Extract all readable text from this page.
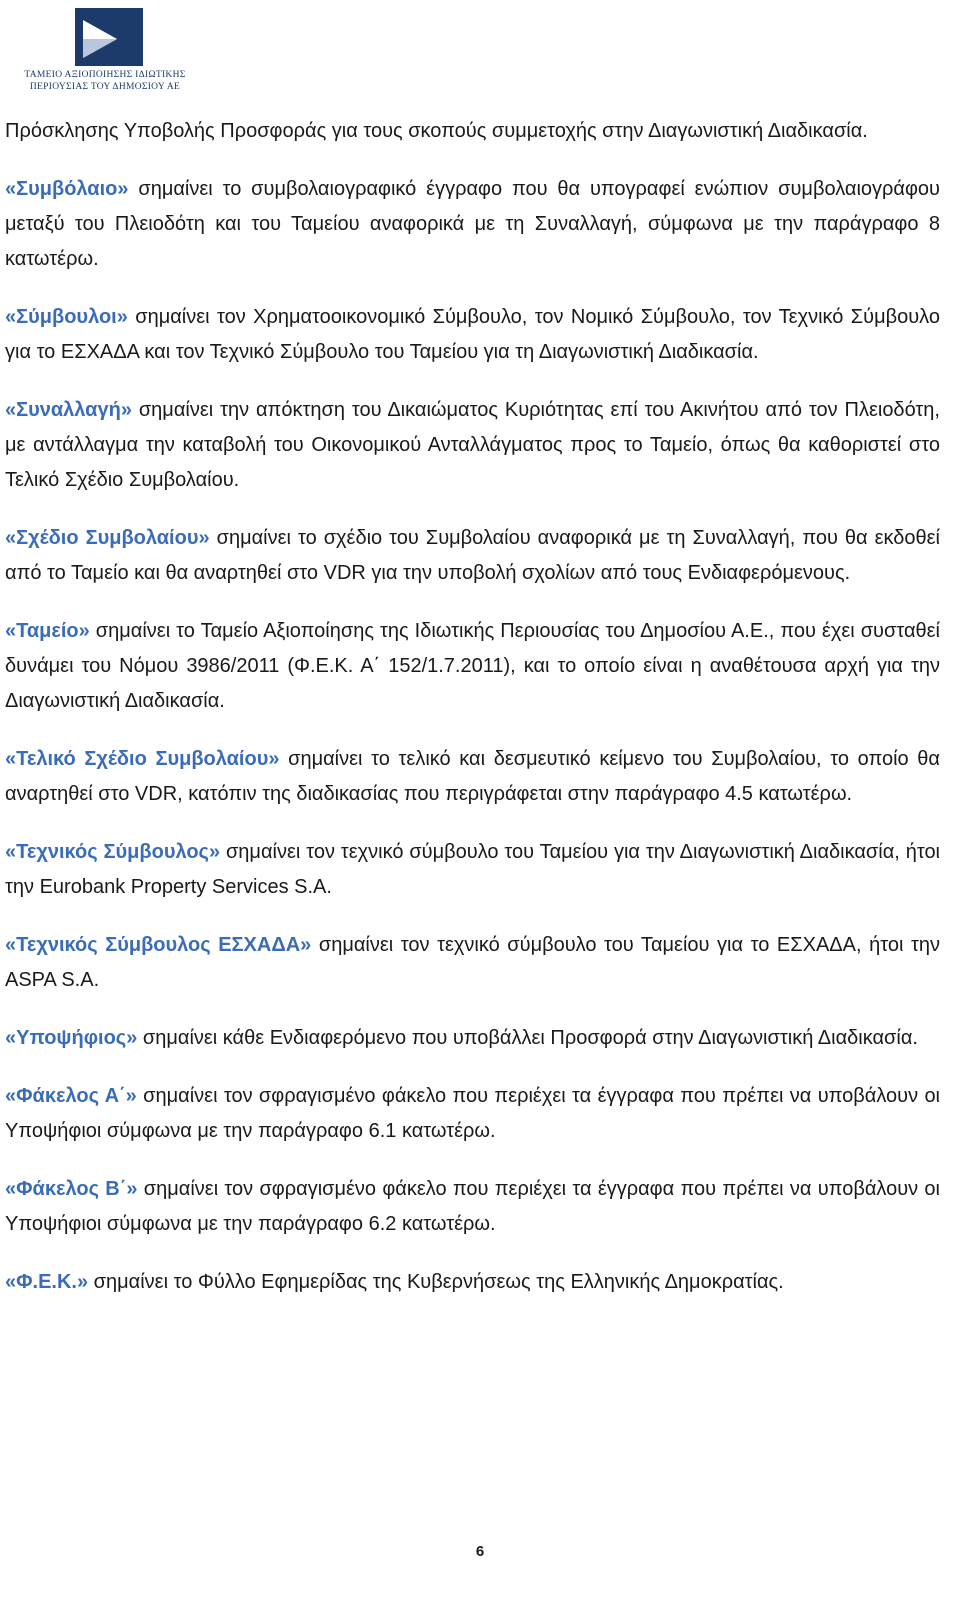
ΤΑΜΕΙΟ ΑΞΙΟΠΟΙΗΣΗΣ ΙΔΙΩΤΙΚΗΣ
ΠΕΡΙΟΥΣΙΑΣ ΤΟΥ ΔΗΜΟΣΙΟΥ ΑΕ

Πρόσκλησης Υποβολής Προσφοράς για τους σκοπούς συμμετοχής στην Διαγωνιστική Διαδικασία.

«Συμβόλαιο» σημαίνει το συμβολαιογραφικό έγγραφο που θα υπογραφεί ενώπιον συμβολαιογράφου μεταξύ του Πλειοδότη και του Ταμείου αναφορικά με τη Συναλλαγή, σύμφωνα με την παράγραφο 8 κατωτέρω.

«Σύμβουλοι» σημαίνει τον Χρηματοοικονομικό Σύμβουλο, τον Νομικό Σύμβουλο, τον Τεχνικό Σύμβουλο για το ΕΣΧΑΔΑ και τον Τεχνικό Σύμβουλο του Ταμείου για τη Διαγωνιστική Διαδικασία.

«Συναλλαγή» σημαίνει την απόκτηση του Δικαιώματος Κυριότητας επί του Ακινήτου από τον Πλειοδότη, με αντάλλαγμα την καταβολή του Οικονομικού Ανταλλάγματος προς το Ταμείο, όπως θα καθοριστεί στο Τελικό Σχέδιο Συμβολαίου.

«Σχέδιο Συμβολαίου» σημαίνει το σχέδιο του Συμβολαίου αναφορικά με τη Συναλλαγή, που θα εκδοθεί από το Ταμείο και θα αναρτηθεί στο VDR για την υποβολή σχολίων από τους Ενδιαφερόμενους.

«Ταμείο» σημαίνει το Ταμείο Αξιοποίησης της Ιδιωτικής Περιουσίας του Δημοσίου Α.Ε., που έχει συσταθεί δυνάμει του Νόμου 3986/2011 (Φ.Ε.Κ. Α΄ 152/1.7.2011), και το οποίο είναι η αναθέτουσα αρχή για την Διαγωνιστική Διαδικασία.

«Τελικό Σχέδιο Συμβολαίου» σημαίνει το τελικό και δεσμευτικό κείμενο του Συμβολαίου, το οποίο θα αναρτηθεί στο VDR, κατόπιν της διαδικασίας που περιγράφεται στην παράγραφο 4.5 κατωτέρω.

«Τεχνικός Σύμβουλος» σημαίνει τον τεχνικό σύμβουλο του Ταμείου για την Διαγωνιστική Διαδικασία, ήτοι την Eurobank Property Services S.A.

«Τεχνικός Σύμβουλος ΕΣΧΑΔΑ» σημαίνει τον τεχνικό σύμβουλο του Ταμείου για το ΕΣΧΑΔΑ, ήτοι την ASPA S.A.

«Υποψήφιος» σημαίνει κάθε Ενδιαφερόμενο που υποβάλλει Προσφορά στην Διαγωνιστική Διαδικασία.

«Φάκελος Α΄» σημαίνει τον σφραγισμένο φάκελο που περιέχει τα έγγραφα που πρέπει να υποβάλουν οι Υποψήφιοι σύμφωνα με την παράγραφο 6.1 κατωτέρω.

«Φάκελος Β΄» σημαίνει τον σφραγισμένο φάκελο που περιέχει τα έγγραφα που πρέπει να υποβάλουν οι Υποψήφιοι σύμφωνα με την παράγραφο 6.2 κατωτέρω.

«Φ.Ε.Κ.» σημαίνει το Φύλλο Εφημερίδας της Κυβερνήσεως της Ελληνικής Δημοκρατίας.

6
